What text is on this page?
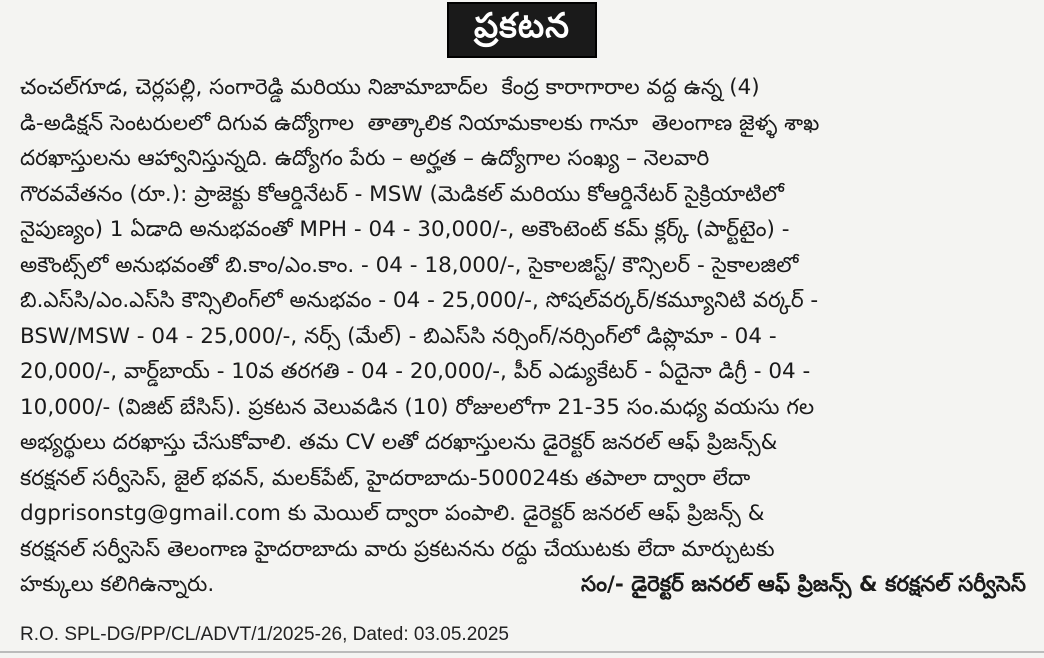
ప్రకటన
చంచల్‌గూడ, చెర్లపల్లి, సంగారెడ్డి మరియు నిజామాబాద్‌ల  కేంద్ర కారాగారాల వద్ద ఉన్న (4)
డి-అడిక్షన్ సెంటరులలో దిగువ ఉద్యోగాల  తాత్కాలిక నియామకాలకు గానూ  తెలంగాణ జైళ్ళ శాఖ
దరఖాస్తులను ఆహ్వానిస్తున్నది. ఉద్యోగం పేరు – అర్హత – ఉద్యోగాల సంఖ్య – నెలవారి
గౌరవవేతనం (రూ.): ప్రాజెక్టు కోఆర్డినేటర్ - MSW (మెడికల్ మరియు కోఆర్డినేటర్ సైక్రియాటిలో
నైపుణ్యం) 1 ఏడాది అనుభవంతో MPH - 04 - 30,000/-, అకౌంటెంట్ కమ్ క్లర్క్ (పార్ట్‌టైం) -
అకౌంట్స్‌లో అనుభవంతో బి.కాం/ఎం.కాం. - 04 - 18,000/-, సైకాలజిస్ట్/ కౌన్సిలర్ - సైకాలజిలో
బి.ఎస్‌సి/ఎం.ఎస్‌సి కౌన్సిలింగ్‌లో అనుభవం - 04 - 25,000/-, సోషల్‌వర్కర్/కమ్యూనిటి వర్కర్ -
BSW/MSW - 04 - 25,000/-, నర్స్ (మేల్) - బిఎస్‌సి నర్సింగ్/నర్సింగ్‌లో డిప్లొమా - 04 -
20,000/-, వార్డ్‌బాయ్ - 10వ తరగతి - 04 - 20,000/-, పీర్ ఎడ్యుకేటర్ - ఏదైనా డిగ్రీ - 04 -
10,000/- (విజిట్ బేసిస్). ప్రకటన వెలువడిన (10) రోజులలోగా 21-35 సం.మధ్య వయసు గల
అభ్యర్థులు దరఖాస్తు చేసుకోవాలి. తమ CV లతో దరఖాస్తులను డైరెక్టర్ జనరల్ ఆఫ్ ప్రిజన్స్&
కరక్షనల్ సర్వీసెస్, జైల్ భవన్, మలక్‌పేట్, హైదరాబాదు-500024కు తపాలా ద్వారా లేదా
dgprisonstg@gmail.com కు మెయిల్ ద్వారా పంపాలి. డైరెక్టర్ జనరల్ ఆఫ్ ప్రిజన్స్ &
కరక్షనల్ సర్వీసెస్ తెలంగాణ హైదరాబాదు వారు ప్రకటనను రద్దు చేయుటకు లేదా మార్చుటకు
హక్కులు కలిగిఉన్నారు.	సం/- డైరెక్టర్ జనరల్ ఆఫ్ ప్రిజన్స్ & కరక్షనల్ సర్వీసెస్
R.O. SPL-DG/PP/CL/ADVT/1/2025-26, Dated: 03.05.2025
